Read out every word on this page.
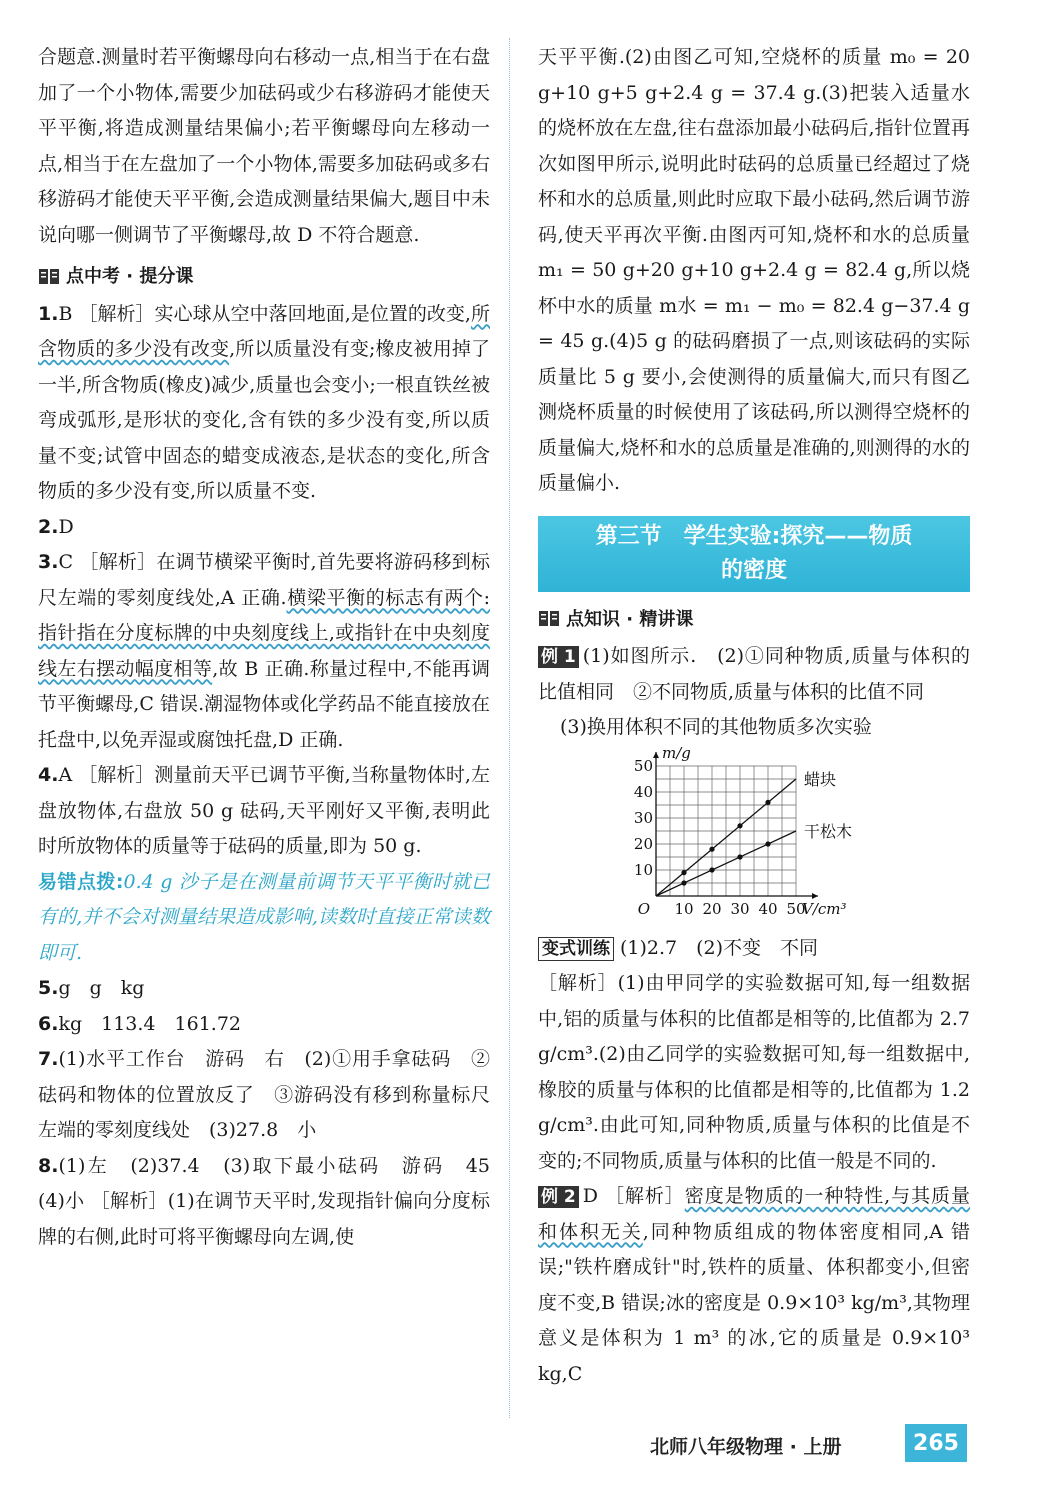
合题意.测量时若平衡螺母向右移动一点,相当于在右盘加了一个小物体,需要少加砝码或少右移游码才能使天平平衡,将造成测量结果偏小;若平衡螺母向左移动一点,相当于在左盘加了一个小物体,需要多加砝码或多右移游码才能使天平平衡,会造成测量结果偏大,题目中未说向哪一侧调节了平衡螺母,故 D 不符合题意.

点中考 · 提分课

1.B ［解析］实心球从空中落回地面,是位置的改变,所含物质的多少没有改变,所以质量没有变;橡皮被用掉了一半,所含物质(橡皮)减少,质量也会变小;一根直铁丝被弯成弧形,是形状的变化,含有铁的多少没有变,所以质量不变;试管中固态的蜡变成液态,是状态的变化,所含物质的多少没有变,所以质量不变.

2.D

3.C ［解析］在调节横梁平衡时,首先要将游码移到标尺左端的零刻度线处,A 正确.横梁平衡的标志有两个:指针指在分度标牌的中央刻度线上,或指针在中央刻度线左右摆动幅度相等,故 B 正确.称量过程中,不能再调节平衡螺母,C 错误.潮湿物体或化学药品不能直接放在托盘中,以免弄湿或腐蚀托盘,D 正确.

4.A ［解析］测量前天平已调节平衡,当称量物体时,左盘放物体,右盘放 50 g 砝码,天平刚好又平衡,表明此时所放物体的质量等于砝码的质量,即为 50 g.

易错点拨:0.4 g 沙子是在测量前调节天平平衡时就已有的,并不会对测量结果造成影响,读数时直接正常读数即可.

5.g　g　kg

6.kg　113.4　161.72

7.(1)水平工作台　游码　右　(2)①用手拿砝码　②砝码和物体的位置放反了　③游码没有移到称量标尺左端的零刻度线处　(3)27.8　小

8.(1)左　(2)37.4　(3)取下最小砝码　游码　45　(4)小 ［解析］(1)在调节天平时,发现指针偏向分度标牌的右侧,此时可将平衡螺母向左调,使

天平平衡.(2)由图乙可知,空烧杯的质量 m₀ = 20 g+10 g+5 g+2.4 g = 37.4 g.(3)把装入适量水的烧杯放在左盘,往右盘添加最小砝码后,指针位置再次如图甲所示,说明此时砝码的总质量已经超过了烧杯和水的总质量,则此时应取下最小砝码,然后调节游码,使天平再次平衡.由图丙可知,烧杯和水的总质量 m₁ = 50 g+20 g+10 g+2.4 g = 82.4 g,所以烧杯中水的质量 m水 = m₁ − m₀ = 82.4 g−37.4 g = 45 g.(4)5 g 的砝码磨损了一点,则该砝码的实际质量比 5 g 要小,会使测得的质量偏大,而只有图乙测烧杯质量的时候使用了该砝码,所以测得空烧杯的质量偏大,烧杯和水的总质量是准确的,则测得的水的质量偏小.

第三节　学生实验:探究——物质
的密度
点知识 · 精讲课

例 1 (1)如图所示.　(2)①同种物质,质量与体积的比值相同　②不同物质,质量与体积的比值不同

(3)换用体积不同的其他物质多次实验

10 20 30 40 50
10
20
30
40
50
O	V/cm³
m/g
蜡块
干松木

变式训练 (1)2.7　(2)不变　不同

［解析］(1)由甲同学的实验数据可知,每一组数据中,铝的质量与体积的比值都是相等的,比值都为 2.7 g/cm³.(2)由乙同学的实验数据可知,每一组数据中,橡胶的质量与体积的比值都是相等的,比值都为 1.2 g/cm³.由此可知,同种物质,质量与体积的比值是不变的;不同物质,质量与体积的比值一般是不同的.

例 2 D ［解析］密度是物质的一种特性,与其质量和体积无关,同种物质组成的物体密度相同,A 错误;"铁杵磨成针"时,铁杵的质量、体积都变小,但密度不变,B 错误;冰的密度是 0.9×10³ kg/m³,其物理意义是体积为 1 m³ 的冰,它的质量是 0.9×10³ kg,C

北师八年级物理 · 上册	265
